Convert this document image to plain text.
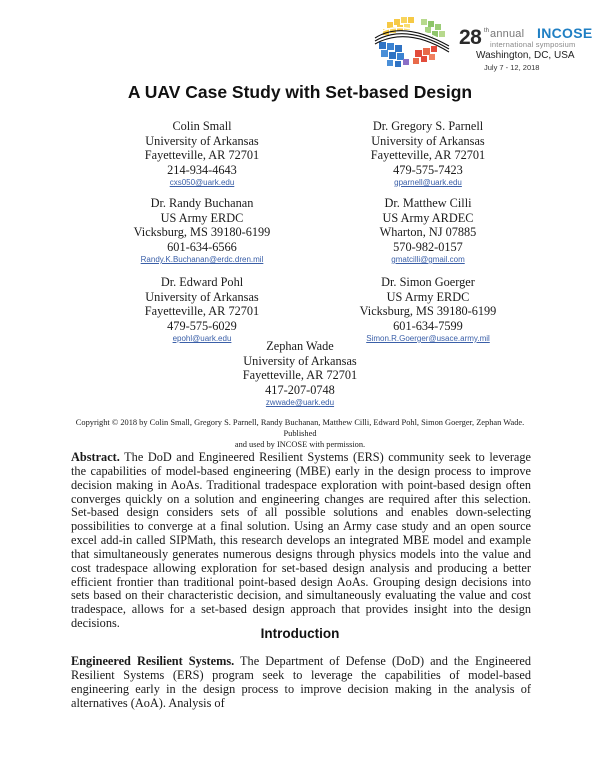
28 th annual INCOSE
international symposium
Washington, DC, USA
July 7 - 12, 2018
A UAV Case Study with Set-based Design
Colin Small
University of Arkansas
Fayetteville, AR 72701
214-934-4643
cxs050@uark.edu
Dr. Gregory S. Parnell
University of Arkansas
Fayetteville, AR 72701
479-575-7423
gparnell@uark.edu
Dr. Randy Buchanan
US Army ERDC
Vicksburg, MS 39180-6199
601-634-6566
Randy.K.Buchanan@erdc.dren.mil
Dr. Matthew Cilli
US Army ARDEC
Wharton, NJ 07885
570-982-0157
gmatcilli@gmail.com
Dr. Edward Pohl
University of Arkansas
Fayetteville, AR 72701
479-575-6029
epohl@uark.edu
Dr. Simon Goerger
US Army ERDC
Vicksburg, MS 39180-6199
601-634-7599
Simon.R.Goerger@usace.army.mil
Zephan Wade
University of Arkansas
Fayetteville, AR 72701
417-207-0748
zwwade@uark.edu
Copyright © 2018 by Colin Small, Gregory S. Parnell, Randy Buchanan, Matthew Cilli, Edward Pohl, Simon Goerger, Zephan Wade. Published
and used by INCOSE with permission.
Abstract. The DoD and Engineered Resilient Systems (ERS) community seek to leverage the capabilities of model-based engineering (MBE) early in the design process to improve decision making in AoAs. Traditional tradespace exploration with point-based design often converges quickly on a solution and engineering changes are required after this selection. Set-based design considers sets of all possible solutions and enables down-selecting possibilities to converge at a final solution. Using an Army case study and an open source excel add-in called SIPMath, this research develops an integrated MBE model and example that simultaneously generates numerous designs through physics models into the value and cost tradespace allowing exploration for set-based design analysis and producing a better efficient frontier than traditional point-based design AoAs. Grouping design decisions into sets based on their characteristic decision, and simultaneously evaluating the value and cost tradespace, allows for a set-based design approach that provides insight into the design decisions.
Introduction
Engineered Resilient Systems. The Department of Defense (DoD) and the Engineered Resilient Systems (ERS) program seek to leverage the capabilities of model-based engineering early in the design process to improve decision making in the analysis of alternatives (AoA). Analysis of
